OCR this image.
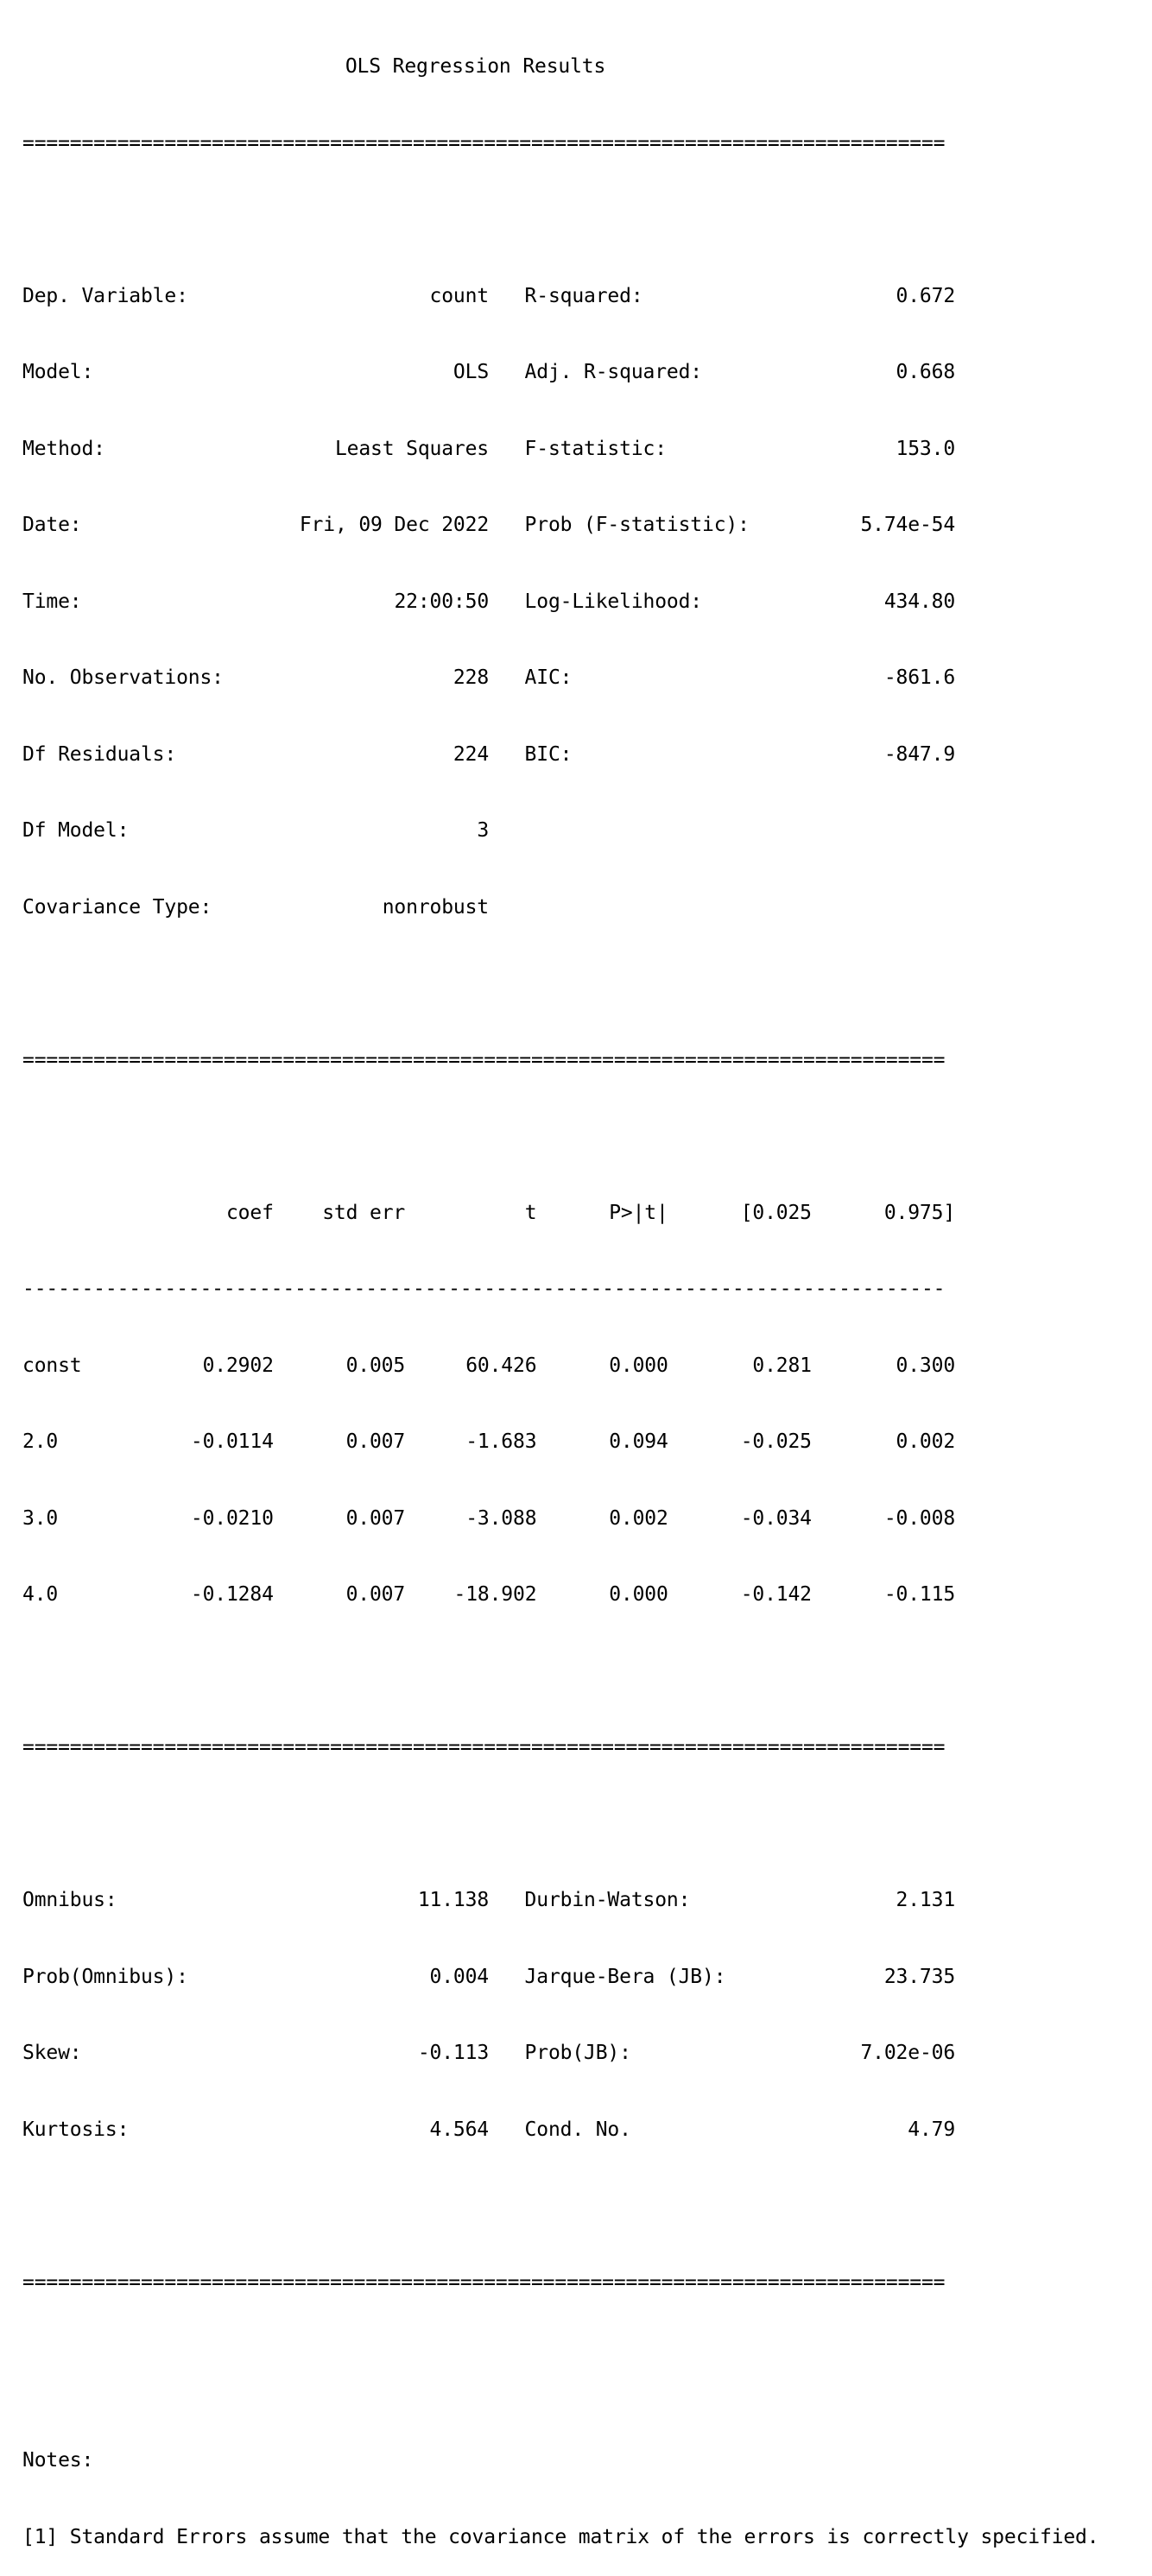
OLS Regression Results

==============================================================================

Dep. Variable:	count R-squared:	0.672

Model:	OLS Adj. R-squared:	0.668

Method:	Least Squares F-statistic:	153.0

Date:	Fri, 09 Dec 2022 Prob (F-statistic):	5.74e-54

Time:	22:00:50 Log-Likelihood:	434.80

No. Observations:	228 AIC:	-861.6

Df Residuals:	224 BIC:	-847.9

Df Model:	3

Covariance Type:	nonrobust

==============================================================================

coef std err	t	P>|t|	[0.025	0.975]

------------------------------------------------------------------------------

const	0.2902	0.005	60.426	0.000	0.281	0.300

2.0	-0.0114	0.007	-1.683	0.094	-0.025	0.002

3.0	-0.0210	0.007	-3.088	0.002	-0.034	-0.008

4.0	-0.1284	0.007 -18.902	0.000	-0.142	-0.115

==============================================================================

Omnibus:	11.138 Durbin-Watson:	2.131

Prob(Omnibus):	0.004 Jarque-Bera (JB):	23.735

Skew:	-0.113 Prob(JB):	7.02e-06

Kurtosis:	4.564 Cond. No.	4.79

==============================================================================

Notes:

[1] Standard Errors assume that the covariance matrix of the errors is correctly specified.
